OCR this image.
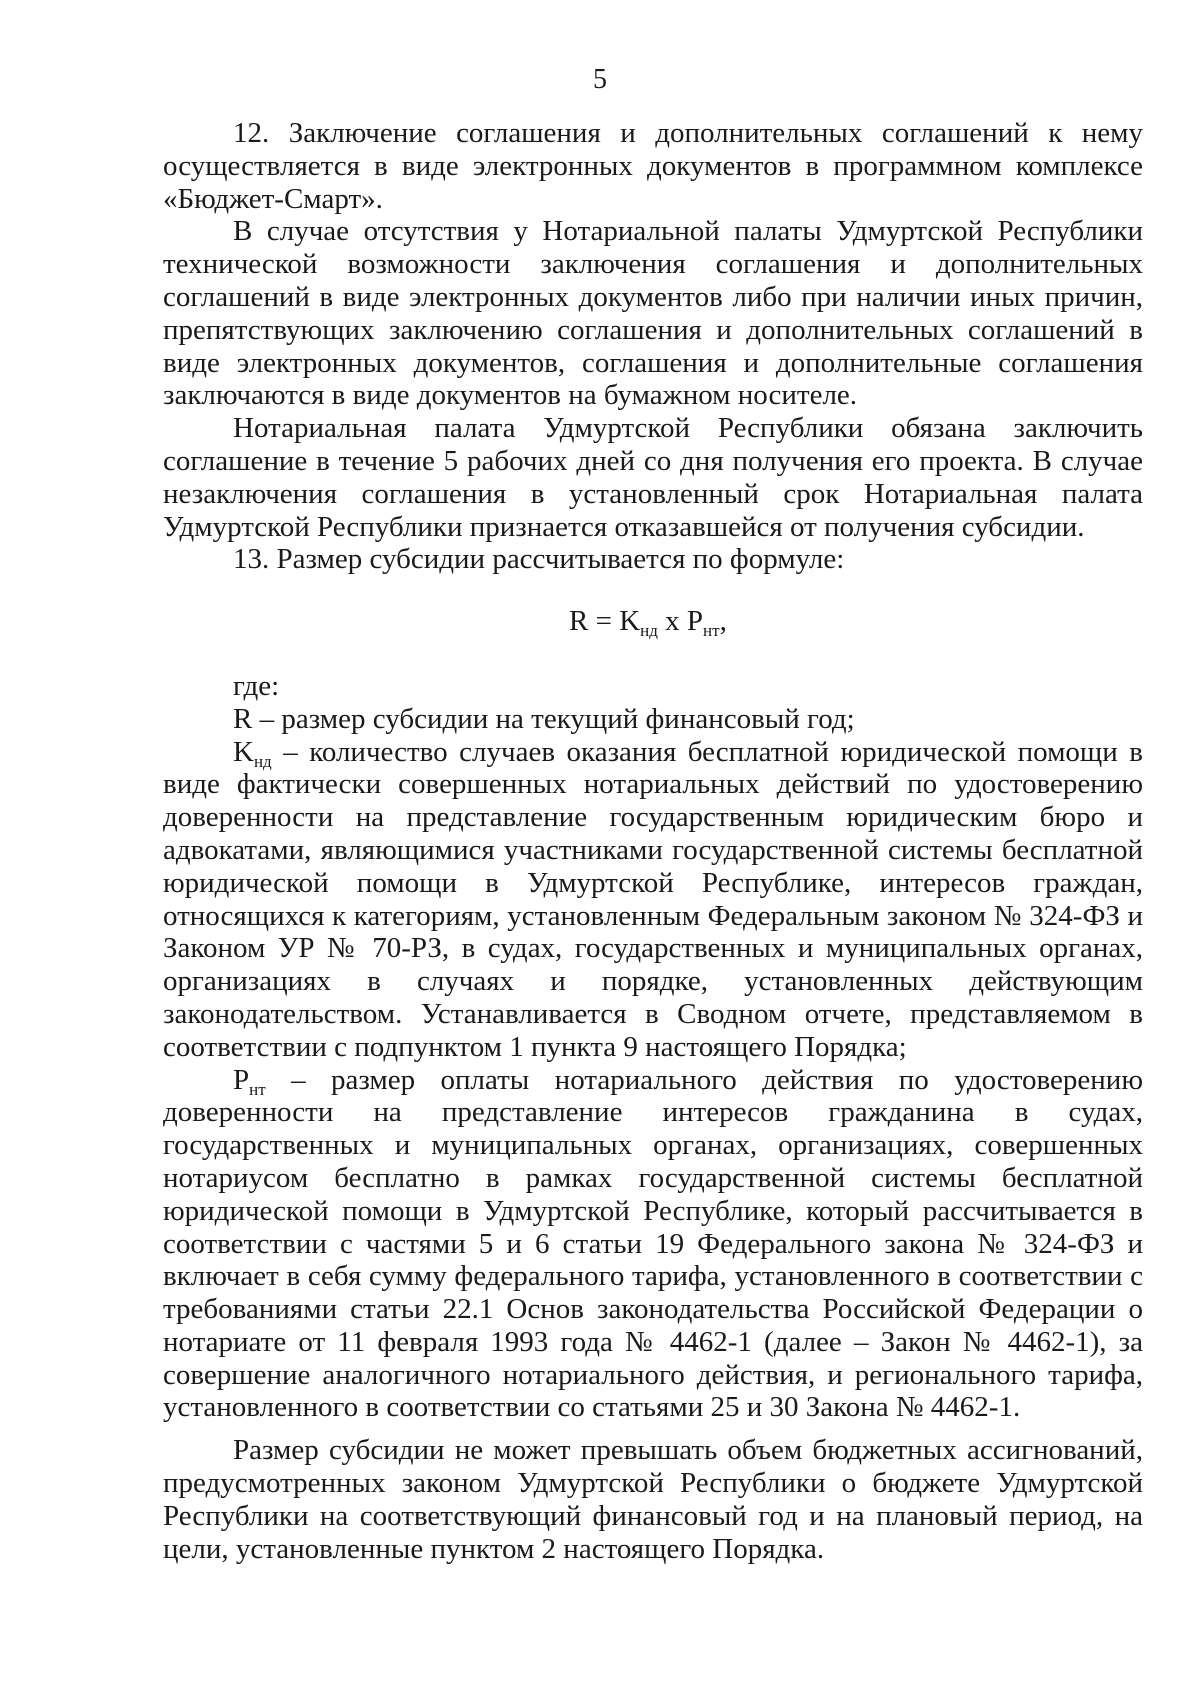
5

12. Заключение соглашения и дополнительных соглашений к нему осуществляется в виде электронных документов в программном комплексе «Бюджет-Смарт».

В случае отсутствия у Нотариальной палаты Удмуртской Республики технической возможности заключения соглашения и дополнительных соглашений в виде электронных документов либо при наличии иных причин, препятствующих заключению соглашения и дополнительных соглашений в виде электронных документов, соглашения и дополнительные соглашения заключаются в виде документов на бумажном носителе.

Нотариальная палата Удмуртской Республики обязана заключить соглашение в течение 5 рабочих дней со дня получения его проекта. В случае незаключения соглашения в установленный срок Нотариальная палата Удмуртской Республики признается отказавшейся от получения субсидии.

13. Размер субсидии рассчитывается по формуле:

$R = K_{нд}$ x $P_{нт}$,

где:

R – размер субсидии на текущий финансовый год;

$K_{нд}$ – количество случаев оказания бесплатной юридической помощи в виде фактически совершенных нотариальных действий по удостоверению доверенности на представление государственным юридическим бюро и адвокатами, являющимися участниками государственной системы бесплатной юридической помощи в Удмуртской Республике, интересов граждан, относящихся к категориям, установленным Федеральным законом № 324-ФЗ и Законом УР № 70-РЗ, в судах, государственных и муниципальных органах, организациях в случаях и порядке, установленных действующим законодательством. Устанавливается в Сводном отчете, представляемом в соответствии с подпунктом 1 пункта 9 настоящего Порядка;

$P_{нт}$ – размер оплаты нотариального действия по удостоверению доверенности на представление интересов гражданина в судах, государственных и муниципальных органах, организациях, совершенных нотариусом бесплатно в рамках государственной системы бесплатной юридической помощи в Удмуртской Республике, который рассчитывается в соответствии с частями 5 и 6 статьи 19 Федерального закона № 324-ФЗ и включает в себя сумму федерального тарифа, установленного в соответствии с требованиями статьи 22.1 Основ законодательства Российской Федерации о нотариате от 11 февраля 1993 года № 4462-1 (далее – Закон № 4462-1), за совершение аналогичного нотариального действия, и регионального тарифа, установленного в соответствии со статьями 25 и 30 Закона № 4462-1.

Размер субсидии не может превышать объем бюджетных ассигнований, предусмотренных законом Удмуртской Республики о бюджете Удмуртской Республики на соответствующий финансовый год и на плановый период, на цели, установленные пунктом 2 настоящего Порядка.
